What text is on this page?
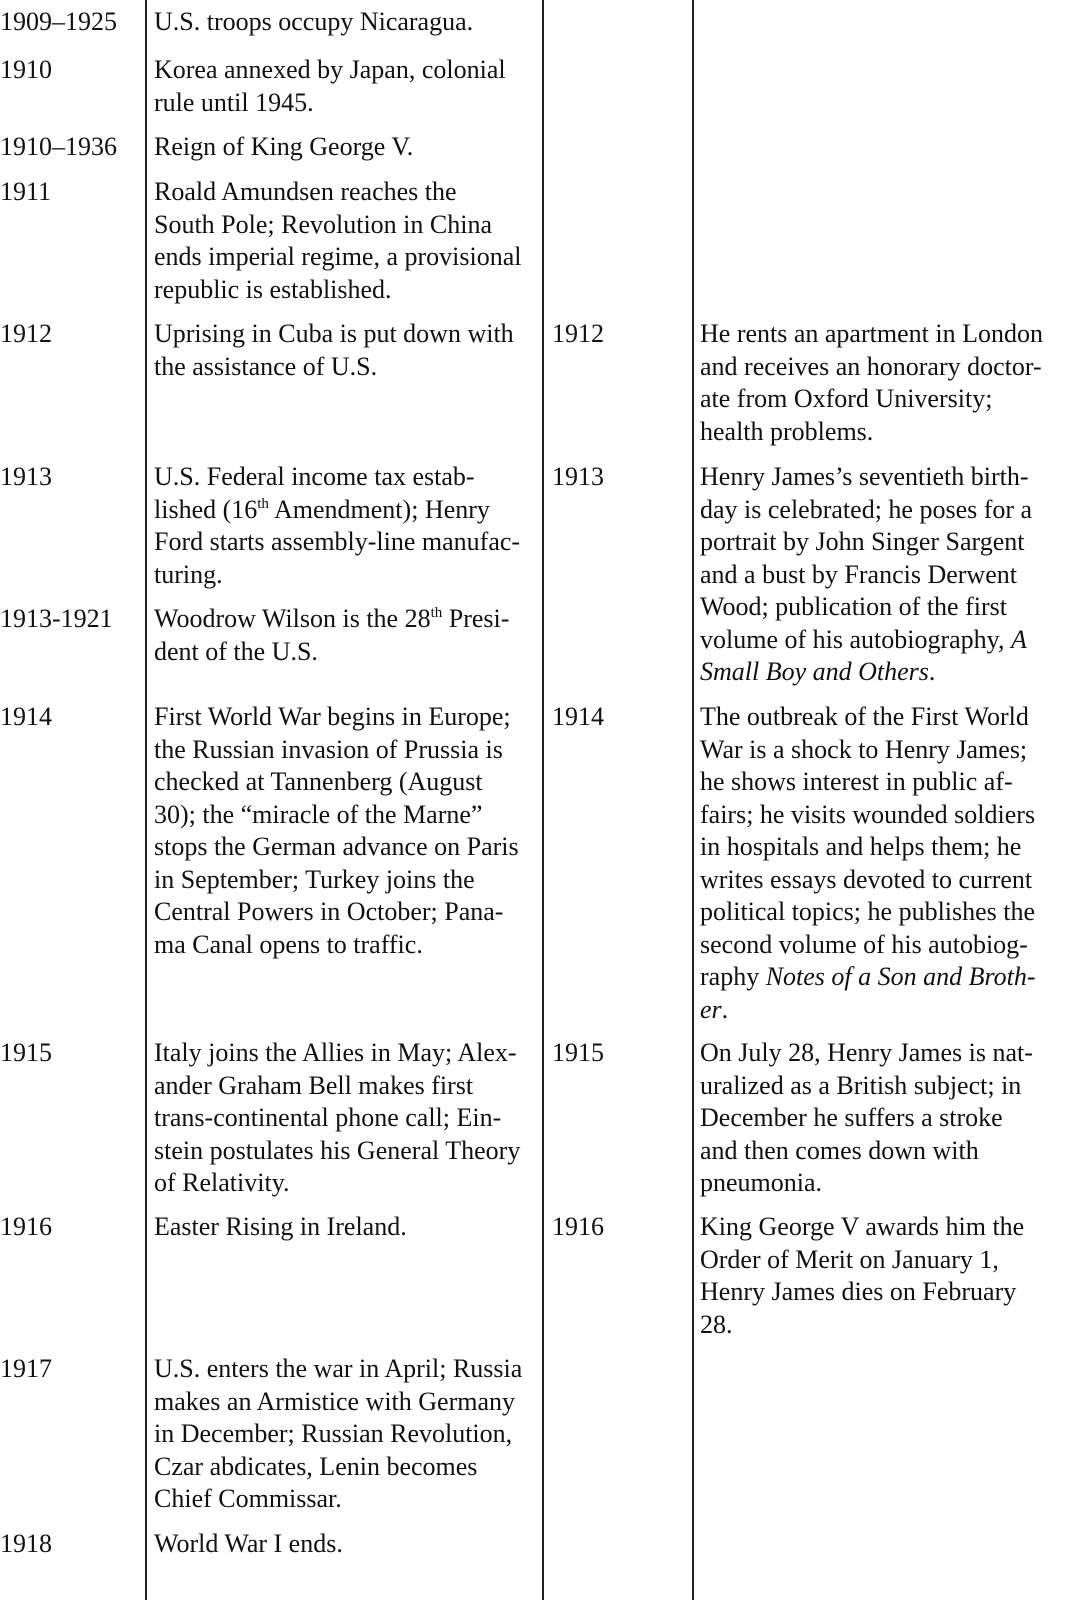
1909–1925	U.S. troops occupy Nicaragua.
1910	Korea annexed by Japan, colonial
rule until 1945.
1910–1936	Reign of King George V.
1911	Roald Amundsen reaches the
South Pole; Revolution in China
ends imperial regime, a provisional
republic is established.
1912	Uprising in Cuba is put down with
the assistance of U.S.
1913	U.S. Federal income tax estab-
lished (16th Amendment); Henry
Ford starts assembly-line manufac-
turing.
1913-1921	Woodrow Wilson is the 28th Presi-
dent of the U.S.
1914	First World War begins in Europe;
the Russian invasion of Prussia is
checked at Tannenberg (August
30); the “miracle of the Marne”
stops the German advance on Paris
in September; Turkey joins the
Central Powers in October; Pana-
ma Canal opens to traffic.
1915	Italy joins the Allies in May; Alex-
ander Graham Bell makes first
trans-continental phone call; Ein-
stein postulates his General Theory
of Relativity.
1916	Easter Rising in Ireland.
1917	U.S. enters the war in April; Russia
makes an Armistice with Germany
in December; Russian Revolution,
Czar abdicates, Lenin becomes
Chief Commissar.
1918	World War I ends.
1912	He rents an apartment in London
and receives an honorary doctor-
ate from Oxford University;
health problems.
1913	Henry James’s seventieth birth-
day is celebrated; he poses for a
portrait by John Singer Sargent
and a bust by Francis Derwent
Wood; publication of the first
volume of his autobiography, A
Small Boy and Others.
1914	The outbreak of the First World
War is a shock to Henry James;
he shows interest in public af-
fairs; he visits wounded soldiers
in hospitals and helps them; he
writes essays devoted to current
political topics; he publishes the
second volume of his autobiog-
raphy Notes of a Son and Broth-
er.
1915	On July 28, Henry James is nat-
uralized as a British subject; in
December he suffers a stroke
and then comes down with
pneumonia.
1916	King George V awards him the
Order of Merit on January 1,
Henry James dies on February
28.
